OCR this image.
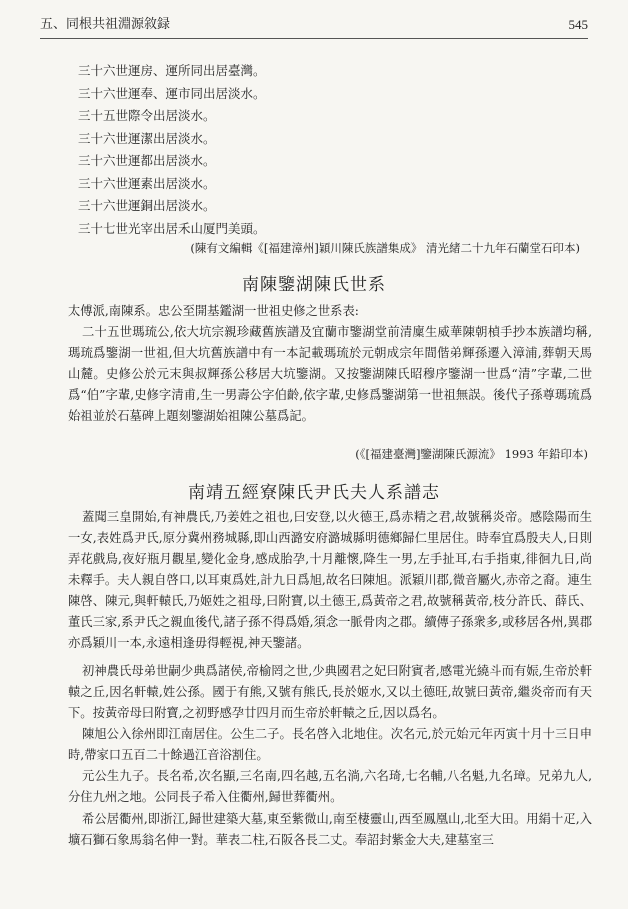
五、同根共祖淵源敘録	545
三十六世運房、運所同出居臺灣。
三十六世運奉、運市同出居淡水。
三十五世際令出居淡水。
三十六世運潔出居淡水。
三十六世運都出居淡水。
三十六世運素出居淡水。
三十六世運銅出居淡水。
三十七世光宰出居禾山厦門美頭。
(陳有文編輯《[福建漳州]穎川陳氏族譜集成》 清光緒二十九年石蘭堂石印本)
南陳鑒湖陳氏世系

太傅派,南陳系。忠公至開基鑑湖一世祖史修之世系表:

二十五世瑪琉公,依大坑宗親珍藏舊族譜及宜蘭市鑒湖堂前清廩生威華陳朝楨手抄本族譜均稱,瑪琉爲鑒湖一世祖,但大坑舊族譜中有一本記載瑪琉於元朝成宗年間偕弟輝孫遷入漳浦,葬朝天馬山麓。史修公於元末與叔輝孫公移居大坑鑒湖。又按鑒湖陳氏昭穆序鑒湖一世爲“清”字輩,二世爲“伯”字輩,史修字清甫,生一男壽公字伯齡,依字輩,史修爲鑒湖第一世祖無誤。後代子孫尊瑪琉爲始祖並於石墓碑上題刻鑒湖始祖陳公墓爲記。

(《[福建臺灣]鑒湖陳氏源流》 1993 年鉛印本)
南靖五經寮陳氏尹氏夫人系譜志

蓋聞三皇開始,有神農氏,乃姜姓之祖也,曰安登,以火德王,爲赤精之君,故號稱炎帝。感陰陽而生一女,表姓爲尹氏,原分冀州務城縣,即山西潞安府潞城縣明德鄉歸仁里居住。時奉宜爲殷夫人,日則弄花戲鳥,夜好瓶月觀星,變化金身,感成胎孕,十月離懷,降生一男,左手扯耳,右手指東,徘徊九日,尚未釋手。夫人親自啓口,以耳東爲姓,計九日爲旭,故名曰陳旭。派穎川郡,微音屬火,赤帝之裔。連生陳啓、陳元,與軒轅氏,乃姬姓之祖母,曰附寶,以土德王,爲黃帝之君,故號稱黃帝,枝分許氏、薛氏、董氏三家,系尹氏之親血後代,諸子孫不得爲婚,須念一脈骨肉之郡。續傳子孫衆多,或移居各州,異郡亦爲穎川一本,永遠相逢毋得輕視,神天鑒諸。

初神農氏母弟世嗣少典爲諸侯,帝榆罔之世,少典國君之妃曰附賓者,感電光繞斗而有娠,生帝於軒轅之丘,因名軒轅,姓公孫。國于有熊,又號有熊氏,長於姬水,又以土德旺,故號曰黃帝,繼炎帝而有天下。按黃帝母曰附寶,之初野感孕廿四月而生帝於軒轅之丘,因以爲名。

陳旭公入徐州即江南居住。公生二子。長名啓入北地住。次名元,於元始元年丙寅十月十三日申時,帶家口五百二十餘過江音浴割住。

元公生九子。長名希,次名顯,三名南,四名越,五名淌,六名琦,七名輔,八名魁,九名璋。兄弟九人,分住九州之地。公同長子希入住衢州,歸世葬衢州。

希公居衢州,即浙江,歸世建築大墓,東至紫微山,南至棲靈山,西至鳳凰山,北至大田。用絹十疋,入壙石獅石象馬翁名伸一對。華表二柱,石阪各長二丈。奉詔封紫金大夫,建墓室三
